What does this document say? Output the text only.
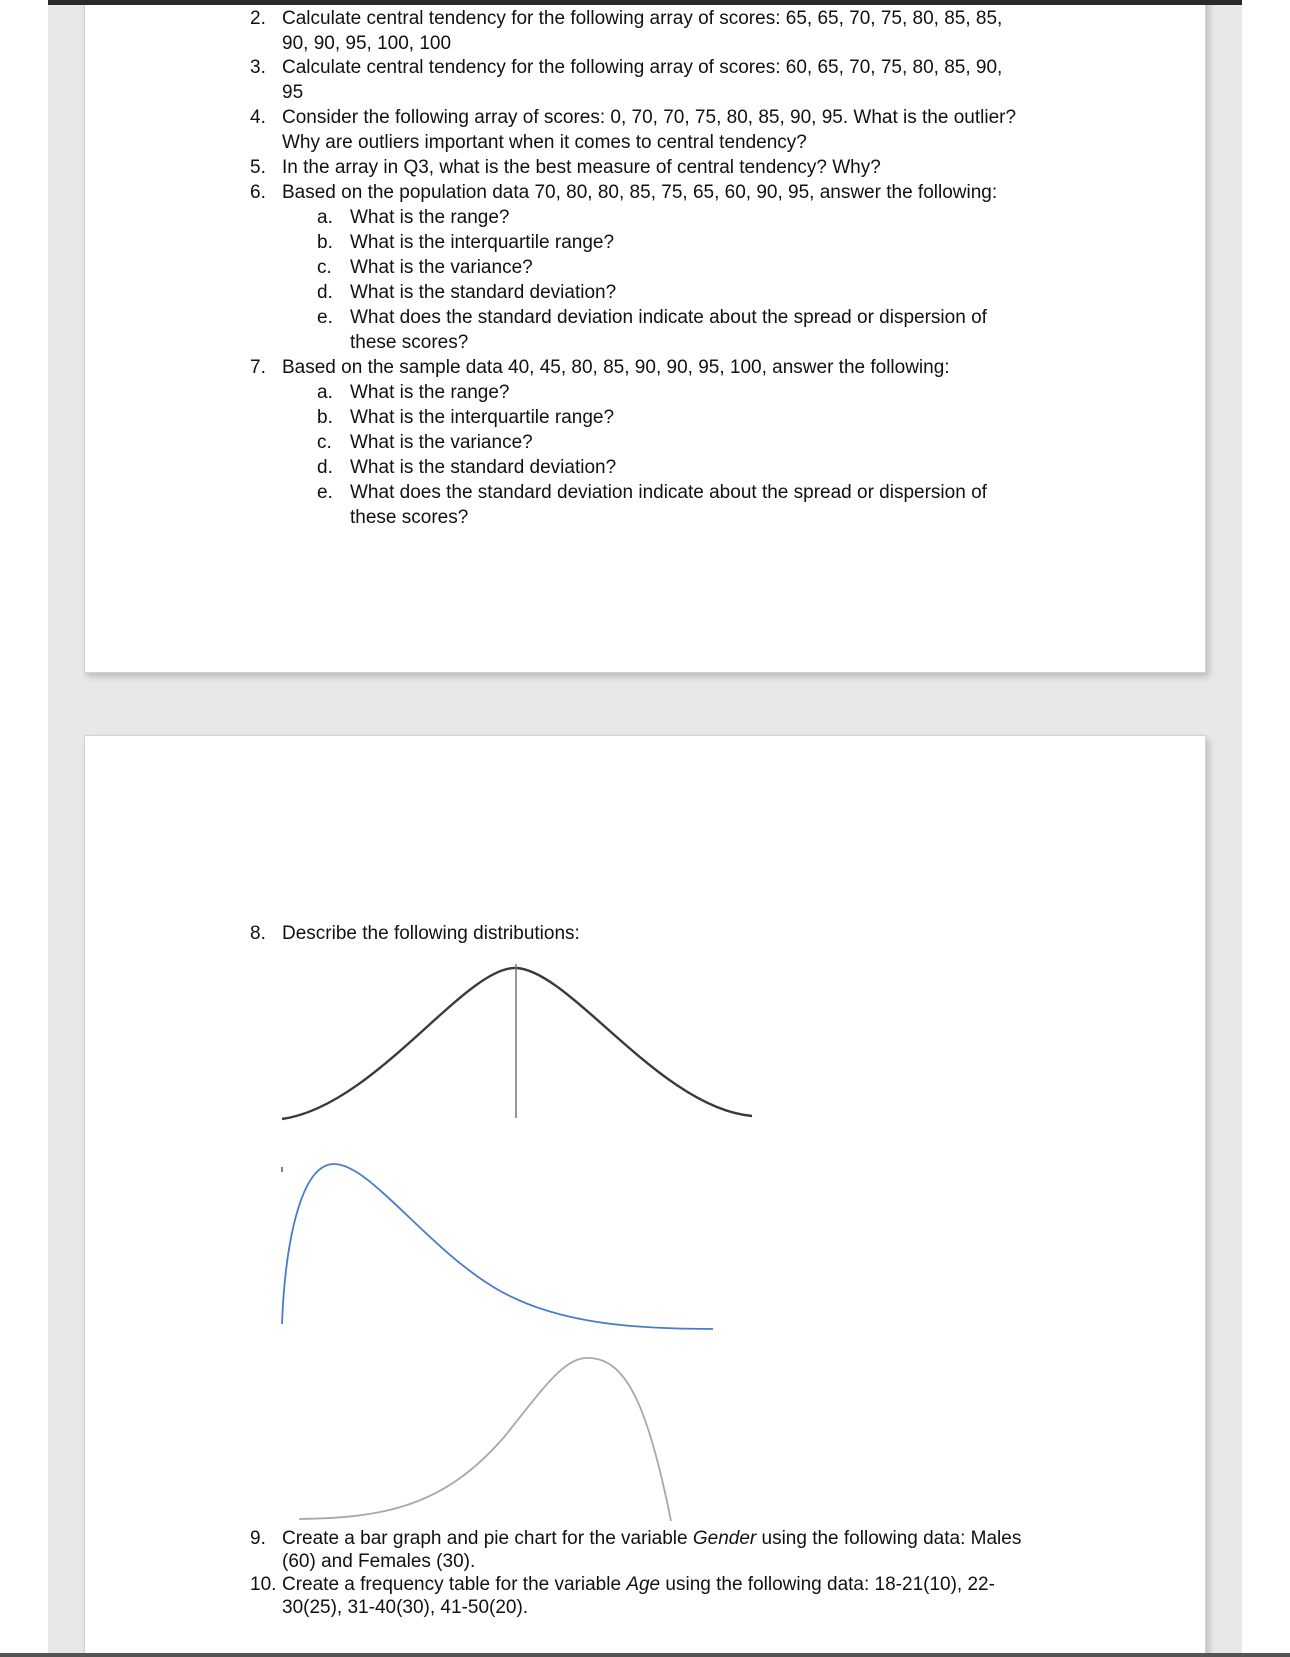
2. Calculate central tendency for the following array of scores: 65, 65, 70, 75, 80, 85, 85,
90, 90, 95, 100, 100
3. Calculate central tendency for the following array of scores: 60, 65, 70, 75, 80, 85, 90,
95
4. Consider the following array of scores: 0, 70, 70, 75, 80, 85, 90, 95. What is the outlier?
Why are outliers important when it comes to central tendency?
5. In the array in Q3, what is the best measure of central tendency? Why?
6. Based on the population data 70, 80, 80, 85, 75, 65, 60, 90, 95, answer the following:
a. What is the range?
b. What is the interquartile range?
c. What is the variance?
d. What is the standard deviation?
e. What does the standard deviation indicate about the spread or dispersion of
these scores?
7. Based on the sample data 40, 45, 80, 85, 90, 90, 95, 100, answer the following:
a. What is the range?
b. What is the interquartile range?
c. What is the variance?
d. What is the standard deviation?
e. What does the standard deviation indicate about the spread or dispersion of
these scores?
8. Describe the following distributions:
9. Create a bar graph and pie chart for the variable Gender using the following data: Males
(60) and Females (30).
10. Create a frequency table for the variable Age using the following data: 18-21(10), 22-
30(25), 31-40(30), 41-50(20).
